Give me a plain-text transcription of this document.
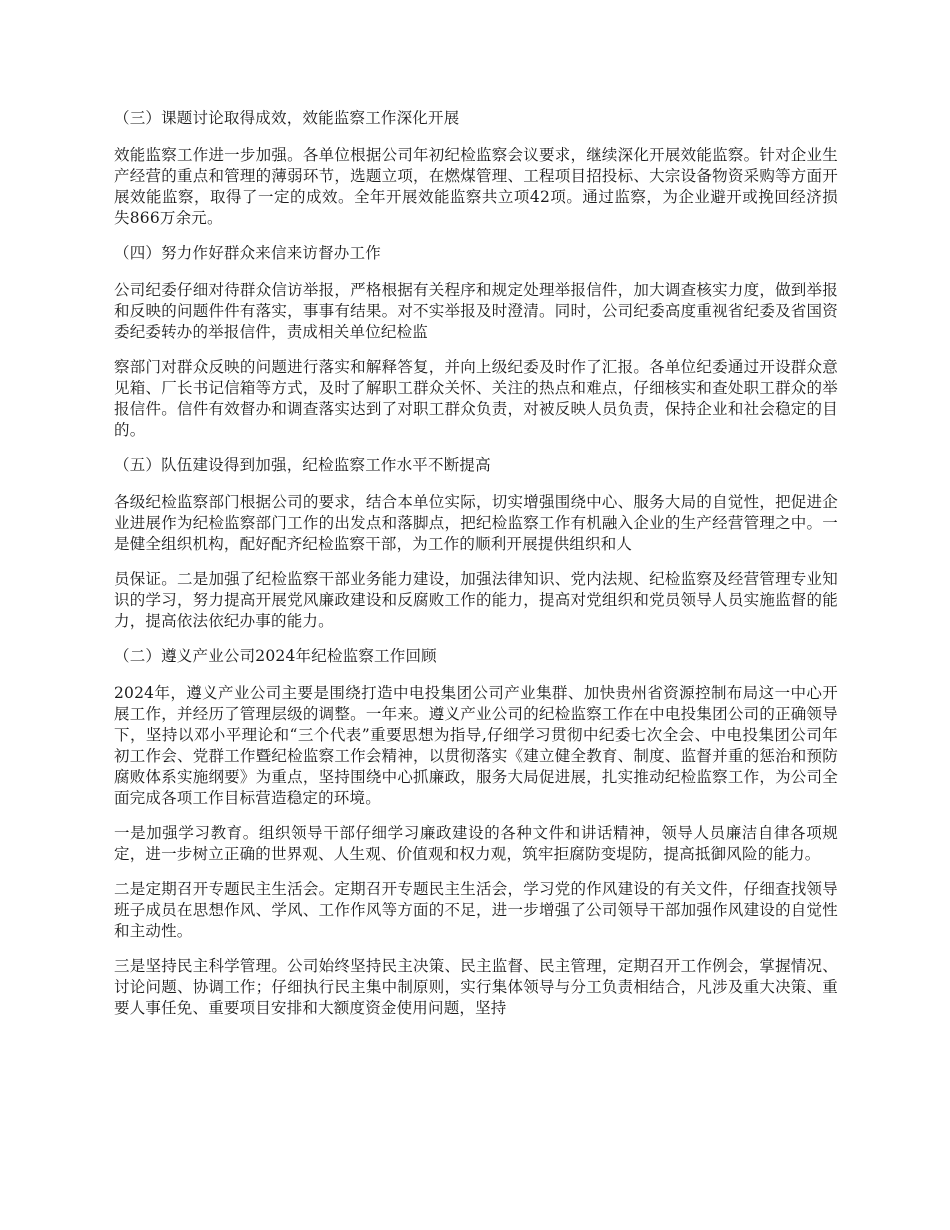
（三）课题讨论取得成效，效能监察工作深化开展
效能监察工作进一步加强。各单位根据公司年初纪检监察会议要求，继续深化开展效能监察。针对企业生产经营的重点和管理的薄弱环节，选题立项，在燃煤管理、工程项目招投标、大宗设备物资采购等方面开展效能监察，取得了一定的成效。全年开展效能监察共立项42项。通过监察，为企业避开或挽回经济损失866万余元。
（四）努力作好群众来信来访督办工作
公司纪委仔细对待群众信访举报，严格根据有关程序和规定处理举报信件，加大调查核实力度，做到举报和反映的问题件件有落实，事事有结果。对不实举报及时澄清。同时，公司纪委高度重视省纪委及省国资委纪委转办的举报信件，责成相关单位纪检监
察部门对群众反映的问题进行落实和解释答复，并向上级纪委及时作了汇报。各单位纪委通过开设群众意见箱、厂长书记信箱等方式，及时了解职工群众关怀、关注的热点和难点，仔细核实和查处职工群众的举报信件。信件有效督办和调查落实达到了对职工群众负责，对被反映人员负责，保持企业和社会稳定的目的。
（五）队伍建设得到加强，纪检监察工作水平不断提高
各级纪检监察部门根据公司的要求，结合本单位实际，切实增强围绕中心、服务大局的自觉性，把促进企业进展作为纪检监察部门工作的出发点和落脚点，把纪检监察工作有机融入企业的生产经营管理之中。一是健全组织机构，配好配齐纪检监察干部，为工作的顺利开展提供组织和人
员保证。二是加强了纪检监察干部业务能力建设，加强法律知识、党内法规、纪检监察及经营管理专业知识的学习，努力提高开展党风廉政建设和反腐败工作的能力，提高对党组织和党员领导人员实施监督的能力，提高依法依纪办事的能力。
（二）遵义产业公司2024年纪检监察工作回顾
2024年，遵义产业公司主要是围绕打造中电投集团公司产业集群、加快贵州省资源控制布局这一中心开展工作，并经历了管理层级的调整。一年来。遵义产业公司的纪检监察工作在中电投集团公司的正确领导下，坚持以邓小平理论和“三个代表”重要思想为指导,仔细学习贯彻中纪委七次全会、中电投集团公司年初工作会、党群工作暨纪检监察工作会精神，以贯彻落实《建立健全教育、制度、监督并重的惩治和预防腐败体系实施纲要》为重点，坚持围绕中心抓廉政，服务大局促进展，扎实推动纪检监察工作，为公司全面完成各项工作目标营造稳定的环境。
一是加强学习教育。组织领导干部仔细学习廉政建设的各种文件和讲话精神，领导人员廉洁自律各项规定，进一步树立正确的世界观、人生观、价值观和权力观，筑牢拒腐防变堤防，提高抵御风险的能力。
二是定期召开专题民主生活会。定期召开专题民主生活会，学习党的作风建设的有关文件，仔细查找领导班子成员在思想作风、学风、工作作风等方面的不足，进一步增强了公司领导干部加强作风建设的自觉性和主动性。
三是坚持民主科学管理。公司始终坚持民主决策、民主监督、民主管理，定期召开工作例会，掌握情况、讨论问题、协调工作；仔细执行民主集中制原则，实行集体领导与分工负责相结合，凡涉及重大决策、重要人事任免、重要项目安排和大额度资金使用问题，坚持
